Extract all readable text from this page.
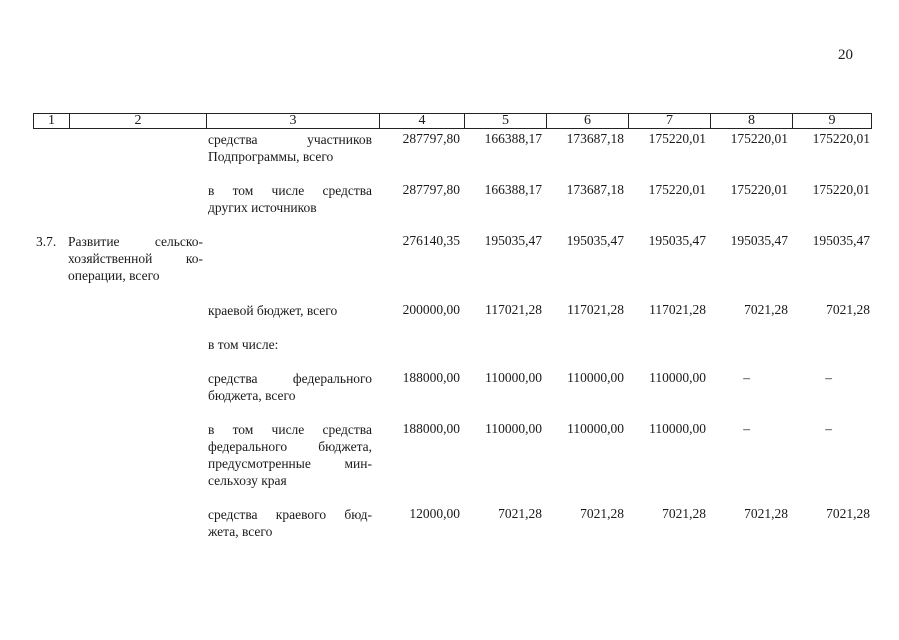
20
1	2	3	4	5	6	7	8	9
средства участников
Подпрограммы, всего
287797,80	166388,17	173687,18	175220,01	175220,01	175220,01
в том числе средства
других источников
287797,80	166388,17	173687,18	175220,01	175220,01	175220,01
3.7. Развитие сельско-
хозяйственной ко-
операции, всего
276140,35	195035,47	195035,47	195035,47	195035,47	195035,47
краевой бюджет, всего	200000,00	117021,28	117021,28	117021,28	7021,28	7021,28
в том числе:
средства федерального
бюджета, всего
188000,00	110000,00	110000,00	110000,00	–	–
в том числе средства
федерального бюджета,
предусмотренные мин-
сельхозу края
188000,00	110000,00	110000,00	110000,00	–	–
средства краевого бюд-
жета, всего
12000,00	7021,28	7021,28	7021,28	7021,28	7021,28
